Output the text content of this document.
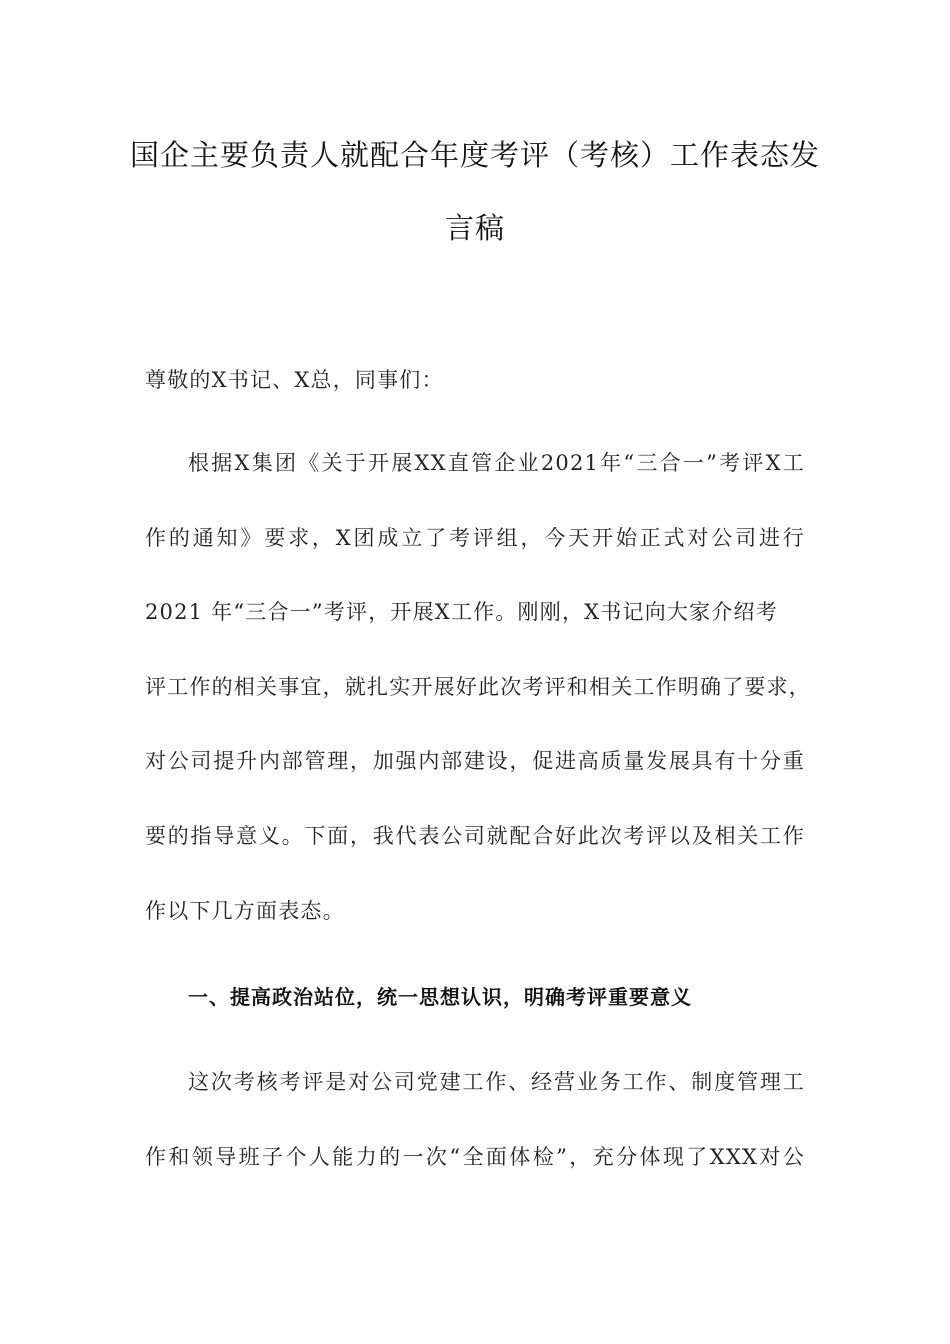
国企主要负责人就配合年度考评（考核）工作表态发
言稿
尊敬的X书记、X总，同事们：
根据X集团《关于开展XX直管企业2021年“三合一”考评X工
作的通知》要求，X团成立了考评组，今天开始正式对公司进行
2021 年“三合一”考评，开展X工作。刚刚，X书记向大家介绍考
评工作的相关事宜，就扎实开展好此次考评和相关工作明确了要求，
对公司提升内部管理，加强内部建设，促进高质量发展具有十分重
要的指导意义。下面，我代表公司就配合好此次考评以及相关工作
作以下几方面表态。
一、提高政治站位，统一思想认识，明确考评重要意义
这次考核考评是对公司党建工作、经营业务工作、制度管理工
作和领导班子个人能力的一次“全面体检”，充分体现了XXX对公
